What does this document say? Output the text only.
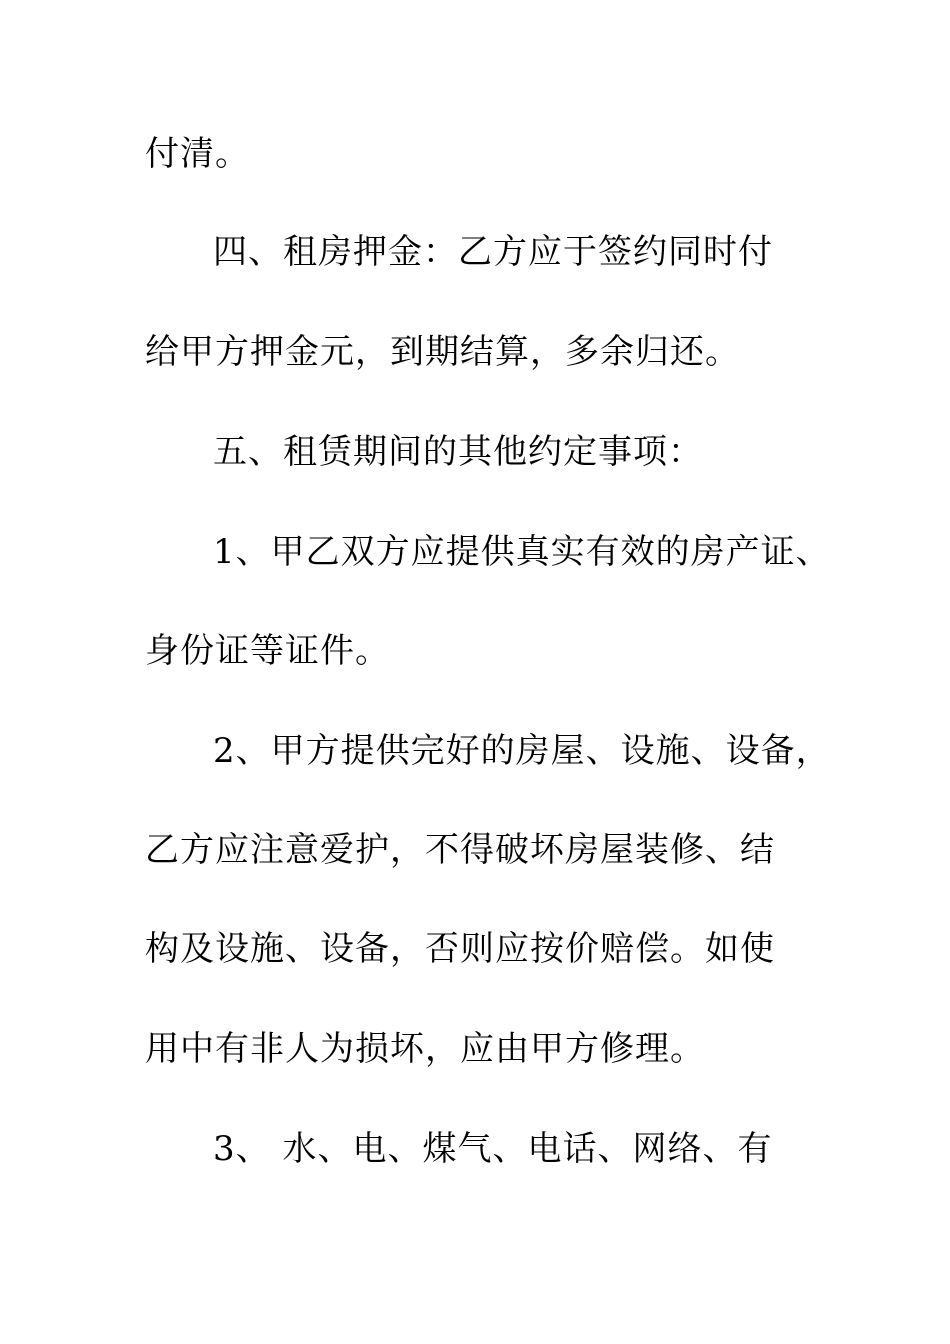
付清。

四、租房押金：乙方应于签约同时付

给甲方押金元，到期结算，多余归还。

五、租赁期间的其他约定事项：

1、甲乙双方应提供真实有效的房产证、

身份证等证件。

2、甲方提供完好的房屋、设施、设备，

乙方应注意爱护，不得破坏房屋装修、结

构及设施、设备，否则应按价赔偿。如使

用中有非人为损坏，应由甲方修理。

3、 水、电、煤气、电话、网络、有
